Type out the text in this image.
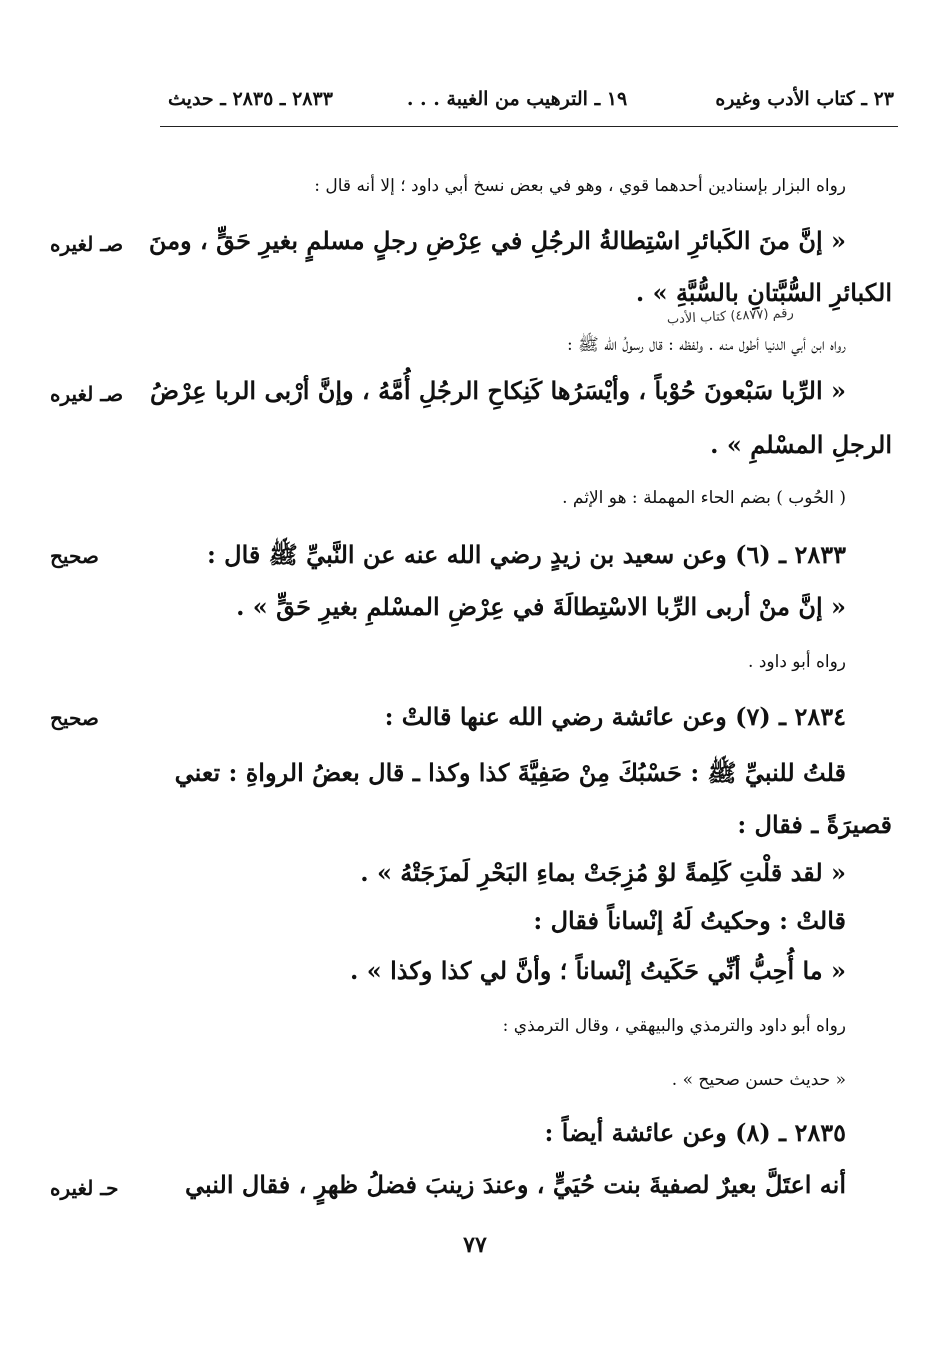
٢٣ ـ كتاب الأدب وغيره
١٩ ـ الترهيب من الغيبة . . .
٢٨٣٣ ـ ٢٨٣٥ ـ حديث
رواه البزار بإسنادين أحدهما قوي ، وهو في بعض نسخ أبي داود ؛ إلا أنه قال :
« إنَّ منَ الكَبائرِ اسْتِطالةُ الرجُلِ في عِرْضِ رجلٍ مسلمٍ بغيرِ حَقٍّ ، ومنَ
صـ لغيره
الكبائرِ السُّبَّتانِ بالسُّبَّةِ » .
رقم (٤٨٧٧) كتاب الأدب
رواه ابن أبي الدنيا أطول منه . ولفظه : قال رسولُ الله ﷺ :
« الرِّبا سَبْعونَ حُوْباً ، وأيْسَرُها كَنِكاحِ الرجُلِ أُمَّهُ ، وإنَّ أرْبى الربا عِرْضُ
صـ لغيره
الرجلِ المسْلمِ » .
( الحُوب ) بضم الحاء المهملة : هو الإثم .
٢٨٣٣ ـ (٦) وعن سعيد بن زيدٍ رضي الله عنه عن النَّبيِّ ﷺ قال :
صحيح
« إنَّ منْ أربى الرِّبا الاسْتِطالَةَ في عِرْضِ المسْلمِ بغيرِ حَقٍّ » .
رواه أبو داود .
٢٨٣٤ ـ (٧) وعن عائشة رضي الله عنها قالتْ :
صحيح
قلتُ للنبيِّ ﷺ : حَسْبُكَ مِنْ صَفِيَّةَ كذا وكذا ـ قال بعضُ الرواةِ : تعني
قصيرَةً ـ فقال :
« لقد قلْتِ كَلِمةً لوْ مُزِجَتْ بماءِ البَحْرِ لَمزَجَتْهُ » .
قالتْ : وحكيتُ لَهُ إنْساناً فقال :
« ما أُحِبُّ أنِّي حَكَيتُ إنْساناً ؛ وأنَّ لي كذا وكذا » .
رواه أبو داود والترمذي والبيهقي ، وقال الترمذي :
« حديث حسن صحيح » .
٢٨٣٥ ـ (٨) وعن عائشة أيضاً :
أنه اعتَلَّ بعيرٌ لصفيةَ بنت حُيَيٍّ ، وعندَ زينبَ فضلُ ظهرٍ ، فقال النبي
حـ لغيره
٧٧
